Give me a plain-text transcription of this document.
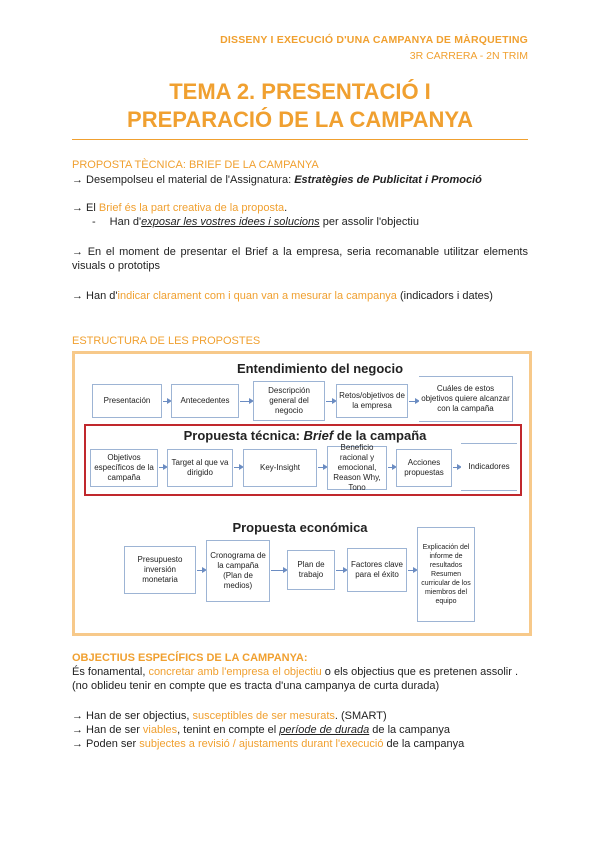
DISSENY I EXECUCIÓ D'UNA CAMPANYA DE MÀRQUETING
3R CARRERA - 2N TRIM
TEMA 2. PRESENTACIÓ I
PREPARACIÓ DE LA CAMPANYA
PROPOSTA TÈCNICA: BRIEF DE LA CAMPANYA
→ Desempolseu el material de l'Assignatura: Estratègies de Publicitat i Promoció
→ El Brief és la part creativa de la proposta.
- Han d'exposar les vostres idees i solucions per assolir l'objectiu
→ En el moment de presentar el Brief a la empresa, seria recomanable utilitzar elements visuals o prototips
→ Han d'indicar clarament com i quan van a mesurar la campanya (indicadors i dates)
ESTRUCTURA DE LES PROPOSTES
Entendimiento del negocio
Presentación	Antecedentes
Descripción general del negocio
Retos/objetivos de la empresa
Cuáles de estos objetivos quiere alcanzar con la campaña
Propuesta técnica: Brief de la campaña
Objetivos específicos de la campaña
Target al que va dirigido
Key-Insight
Beneficio racional y emocional, Reason Why, Tono
Acciones propuestas
Indicadores
Propuesta económica
Presupuesto inversión monetaria
Cronograma de la campaña (Plan de medios)
Plan de trabajo
Factores clave para el éxito
Explicación del informe de resultados Resumen curricular de los miembros del equipo
OBJECTIUS ESPECÍFICS DE LA CAMPANYA:
És fonamental, concretar amb l'empresa el objectiu o els objectius que es pretenen assolir .
(no oblideu tenir en compte que es tracta d'una campanya de curta durada)
→ Han de ser objectius, susceptibles de ser mesurats. (SMART)
→ Han de ser viables, tenint en compte el període de durada de la campanya
→ Poden ser subjectes a revisió / ajustaments durant l'execució de la campanya
